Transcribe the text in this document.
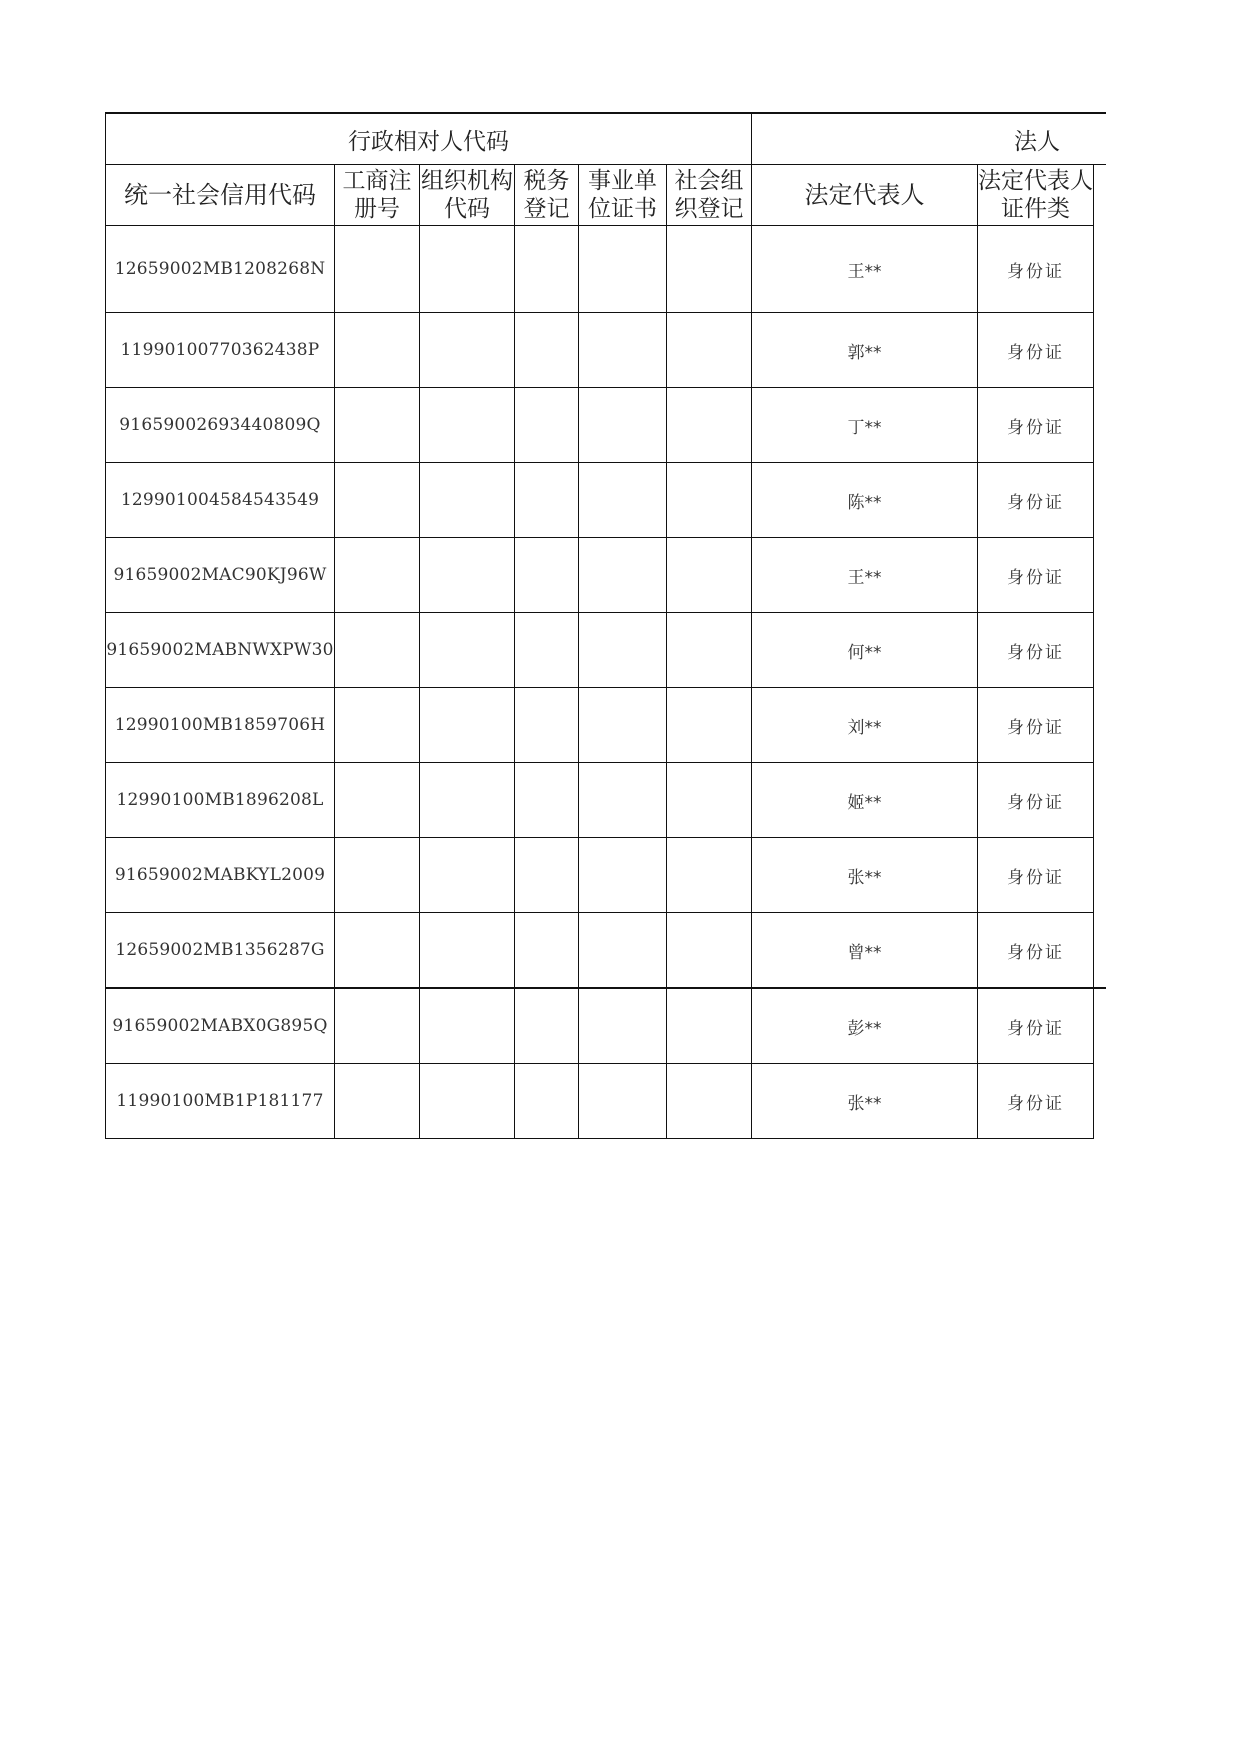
行政相对人代码						法人		
统一社会信用代码	工商注册号	组织机构代码	税务登记	事业单位证书	社会组织登记	法定代表人	法定代表人证件类	
12659002MB1208268N						王**	身份证	
11990100770362438P						郭**	身份证	
91659002693440809Q						丁**	身份证	
129901004584543549						陈**	身份证	
91659002MAC90KJ96W						王**	身份证	
91659002MABNWXPW30						何**	身份证	
12990100MB1859706H						刘**	身份证	
12990100MB1896208L						姬**	身份证	
91659002MABKYL2009						张**	身份证	
12659002MB1356287G						曾**	身份证	
91659002MABX0G895Q						彭**	身份证	
11990100MB1P181177						张**	身份证	
